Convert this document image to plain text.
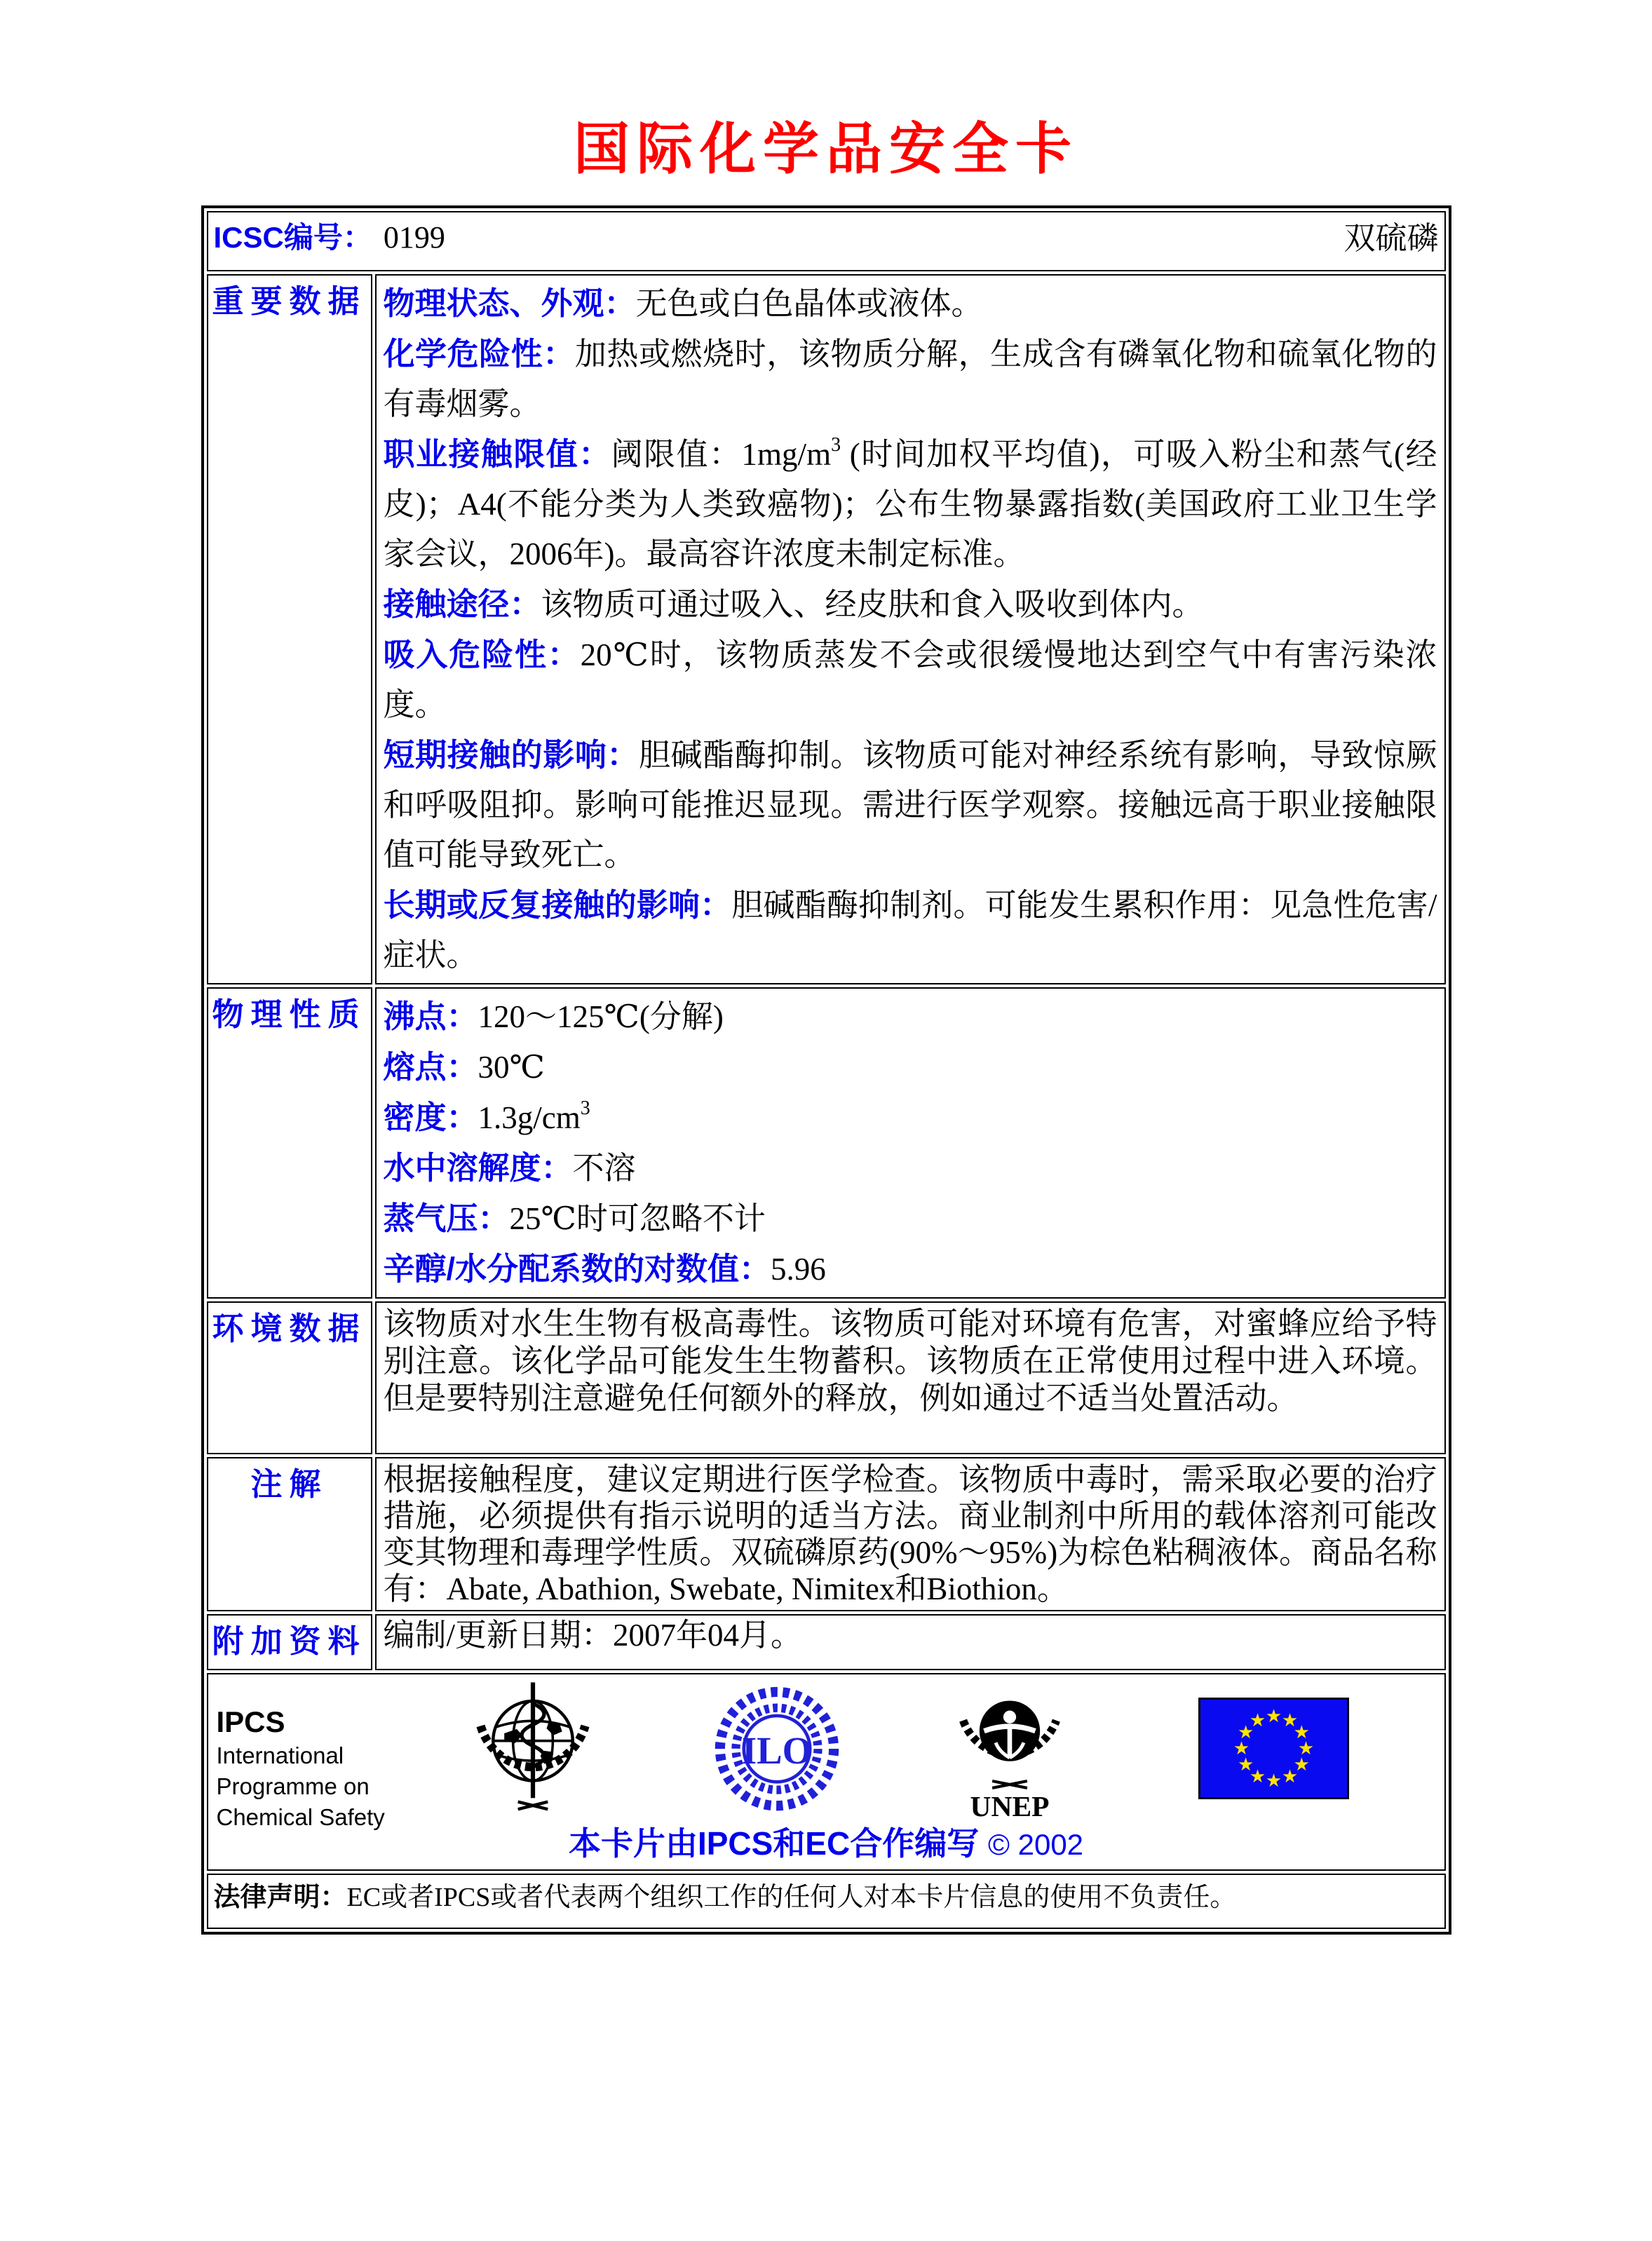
国际化学品安全卡
ICSC编号： 0199 双硫磷	

重要数据	物理状态、外观：无色或白色晶体或液体。
化学危险性：加热或燃烧时，该物质分解，生成含有磷氧化物和硫氧化物的有毒烟雾。
职业接触限值：阈限值：$1mg/m^3$ (时间加权平均值)，可吸入粉尘和蒸气(经皮)；A4(不能分类为人类致癌物)；公布生物暴露指数(美国政府工业卫生学家会议，2006年)。最高容许浓度未制定标准。
接触途径：该物质可通过吸入、经皮肤和食入吸收到体内。
吸入危险性：20℃时，该物质蒸发不会或很缓慢地达到空气中有害污染浓度。
短期接触的影响：胆碱酯酶抑制。该物质可能对神经系统有影响，导致惊厥和呼吸阻抑。影响可能推迟显现。需进行医学观察。接触远高于职业接触限值可能导致死亡。
长期或反复接触的影响：胆碱酯酶抑制剂。可能发生累积作用：见急性危害/症状。

物理性质	沸点：120～125℃(分解)
熔点：30℃
密度：$1.3g/cm^3$
水中溶解度：不溶
蒸气压：25℃时可忽略不计
辛醇/水分配系数的对数值：5.96

环境数据	该物质对水生生物有极高毒性。该物质可能对环境有危害，对蜜蜂应给予特别注意。该化学品可能发生生物蓄积。该物质在正常使用过程中进入环境。但是要特别注意避免任何额外的释放，例如通过不适当处置活动。
注解	根据接触程度，建议定期进行医学检查。该物质中毒时，需采取必要的治疗措施，必须提供有指示说明的适当方法。商业制剂中所用的载体溶剂可能改变其物理和毒理学性质。双硫磷原药(90%～95%)为棕色粘稠液体。商品名称有：Abate, Abathion, Swebate, Nimitex和Biothion。
附加资料	编制/更新日期：2007年04月。

IPCS
International
Programme on
Chemical Safety
ILO
UNEP
★ ★
★
★
★
★
★
★
★
★
★
★
本卡片由IPCS和EC合作编写 © 2002

法律声明：EC或者IPCS或者代表两个组织工作的任何人对本卡片信息的使用不负责任。	
